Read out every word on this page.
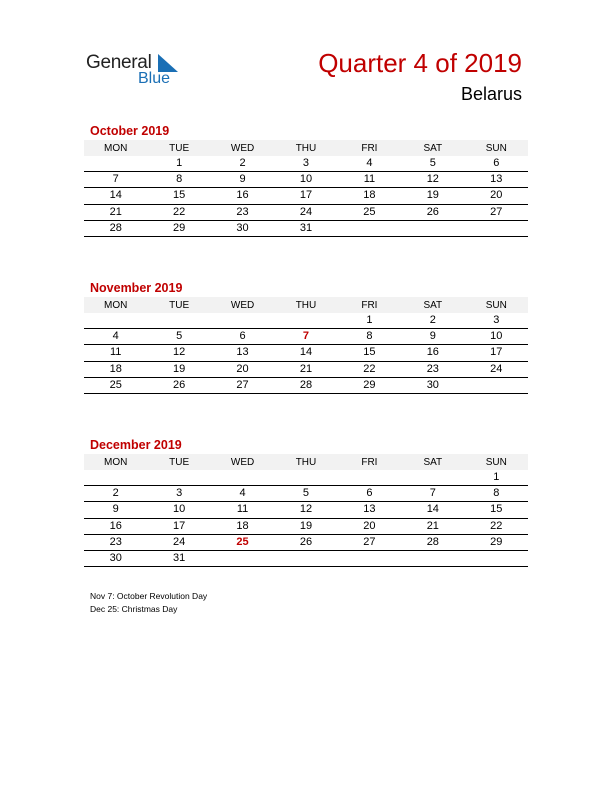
General
Blue
Quarter 4 of 2019
Belarus
October 2019
MON	TUE	WED	THU	FRI	SAT	SUN
	1	2	3	4	5	6
7	8	9	10	11	12	13
14	15	16	17	18	19	20
21	22	23	24	25	26	27
28	29	30	31			
November 2019
MON	TUE	WED	THU	FRI	SAT	SUN
				1	2	3
4	5	6	7	8	9	10
11	12	13	14	15	16	17
18	19	20	21	22	23	24
25	26	27	28	29	30	
December 2019
MON	TUE	WED	THU	FRI	SAT	SUN
						1
2	3	4	5	6	7	8
9	10	11	12	13	14	15
16	17	18	19	20	21	22
23	24	25	26	27	28	29
30	31					
Nov 7: October Revolution Day
Dec 25: Christmas Day
